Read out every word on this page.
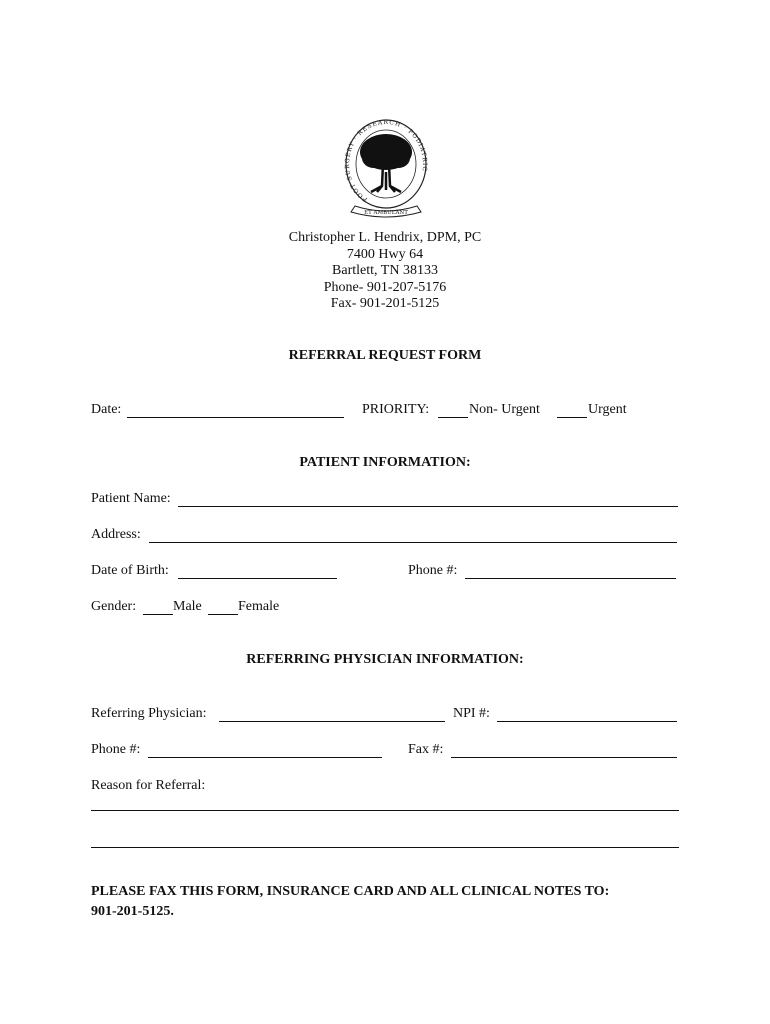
FOOT SURGERY · RESEARCH · PODIATRIC
ET AMBULANT
Christopher L. Hendrix, DPM, PC
7400 Hwy 64
Bartlett, TN 38133
Phone- 901-207-5176
Fax- 901-201-5125
REFERRAL REQUEST FORM
Date:	PRIORITY:	Non- Urgent	Urgent
PATIENT INFORMATION:
Patient Name:
Address:
Date of Birth:	Phone #:
Gender:	Male	Female
REFERRING PHYSICIAN INFORMATION:
Referring Physician:	NPI #:
Phone #:	Fax #:
Reason for Referral:
PLEASE FAX THIS FORM, INSURANCE CARD AND ALL CLINICAL NOTES TO:
901-201-5125.
